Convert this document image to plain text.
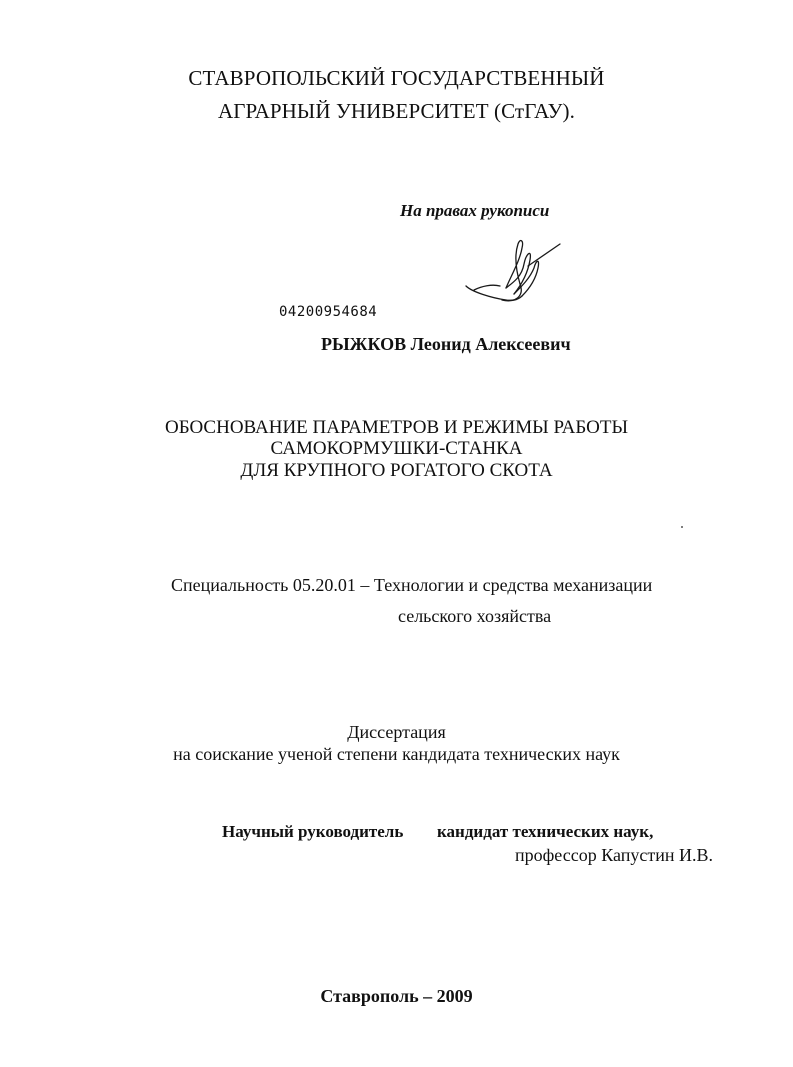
СТАВРОПОЛЬСКИЙ ГОСУДАРСТВЕННЫЙ
АГРАРНЫЙ УНИВЕРСИТЕТ (СтГАУ).
На правах рукописи
04200954684
РЫЖКОВ Леонид Алексеевич
ОБОСНОВАНИЕ ПАРАМЕТРОВ И РЕЖИМЫ РАБОТЫ
САМОКОРМУШКИ-СТАНКА
ДЛЯ КРУПНОГО РОГАТОГО СКОТА
Специальность 05.20.01 – Технологии и средства механизации
сельского хозяйства
Диссертация
на соискание ученой степени кандидата технических наук
Научный руководитель кандидат технических наук,
профессор Капустин И.В.
Ставрополь – 2009
